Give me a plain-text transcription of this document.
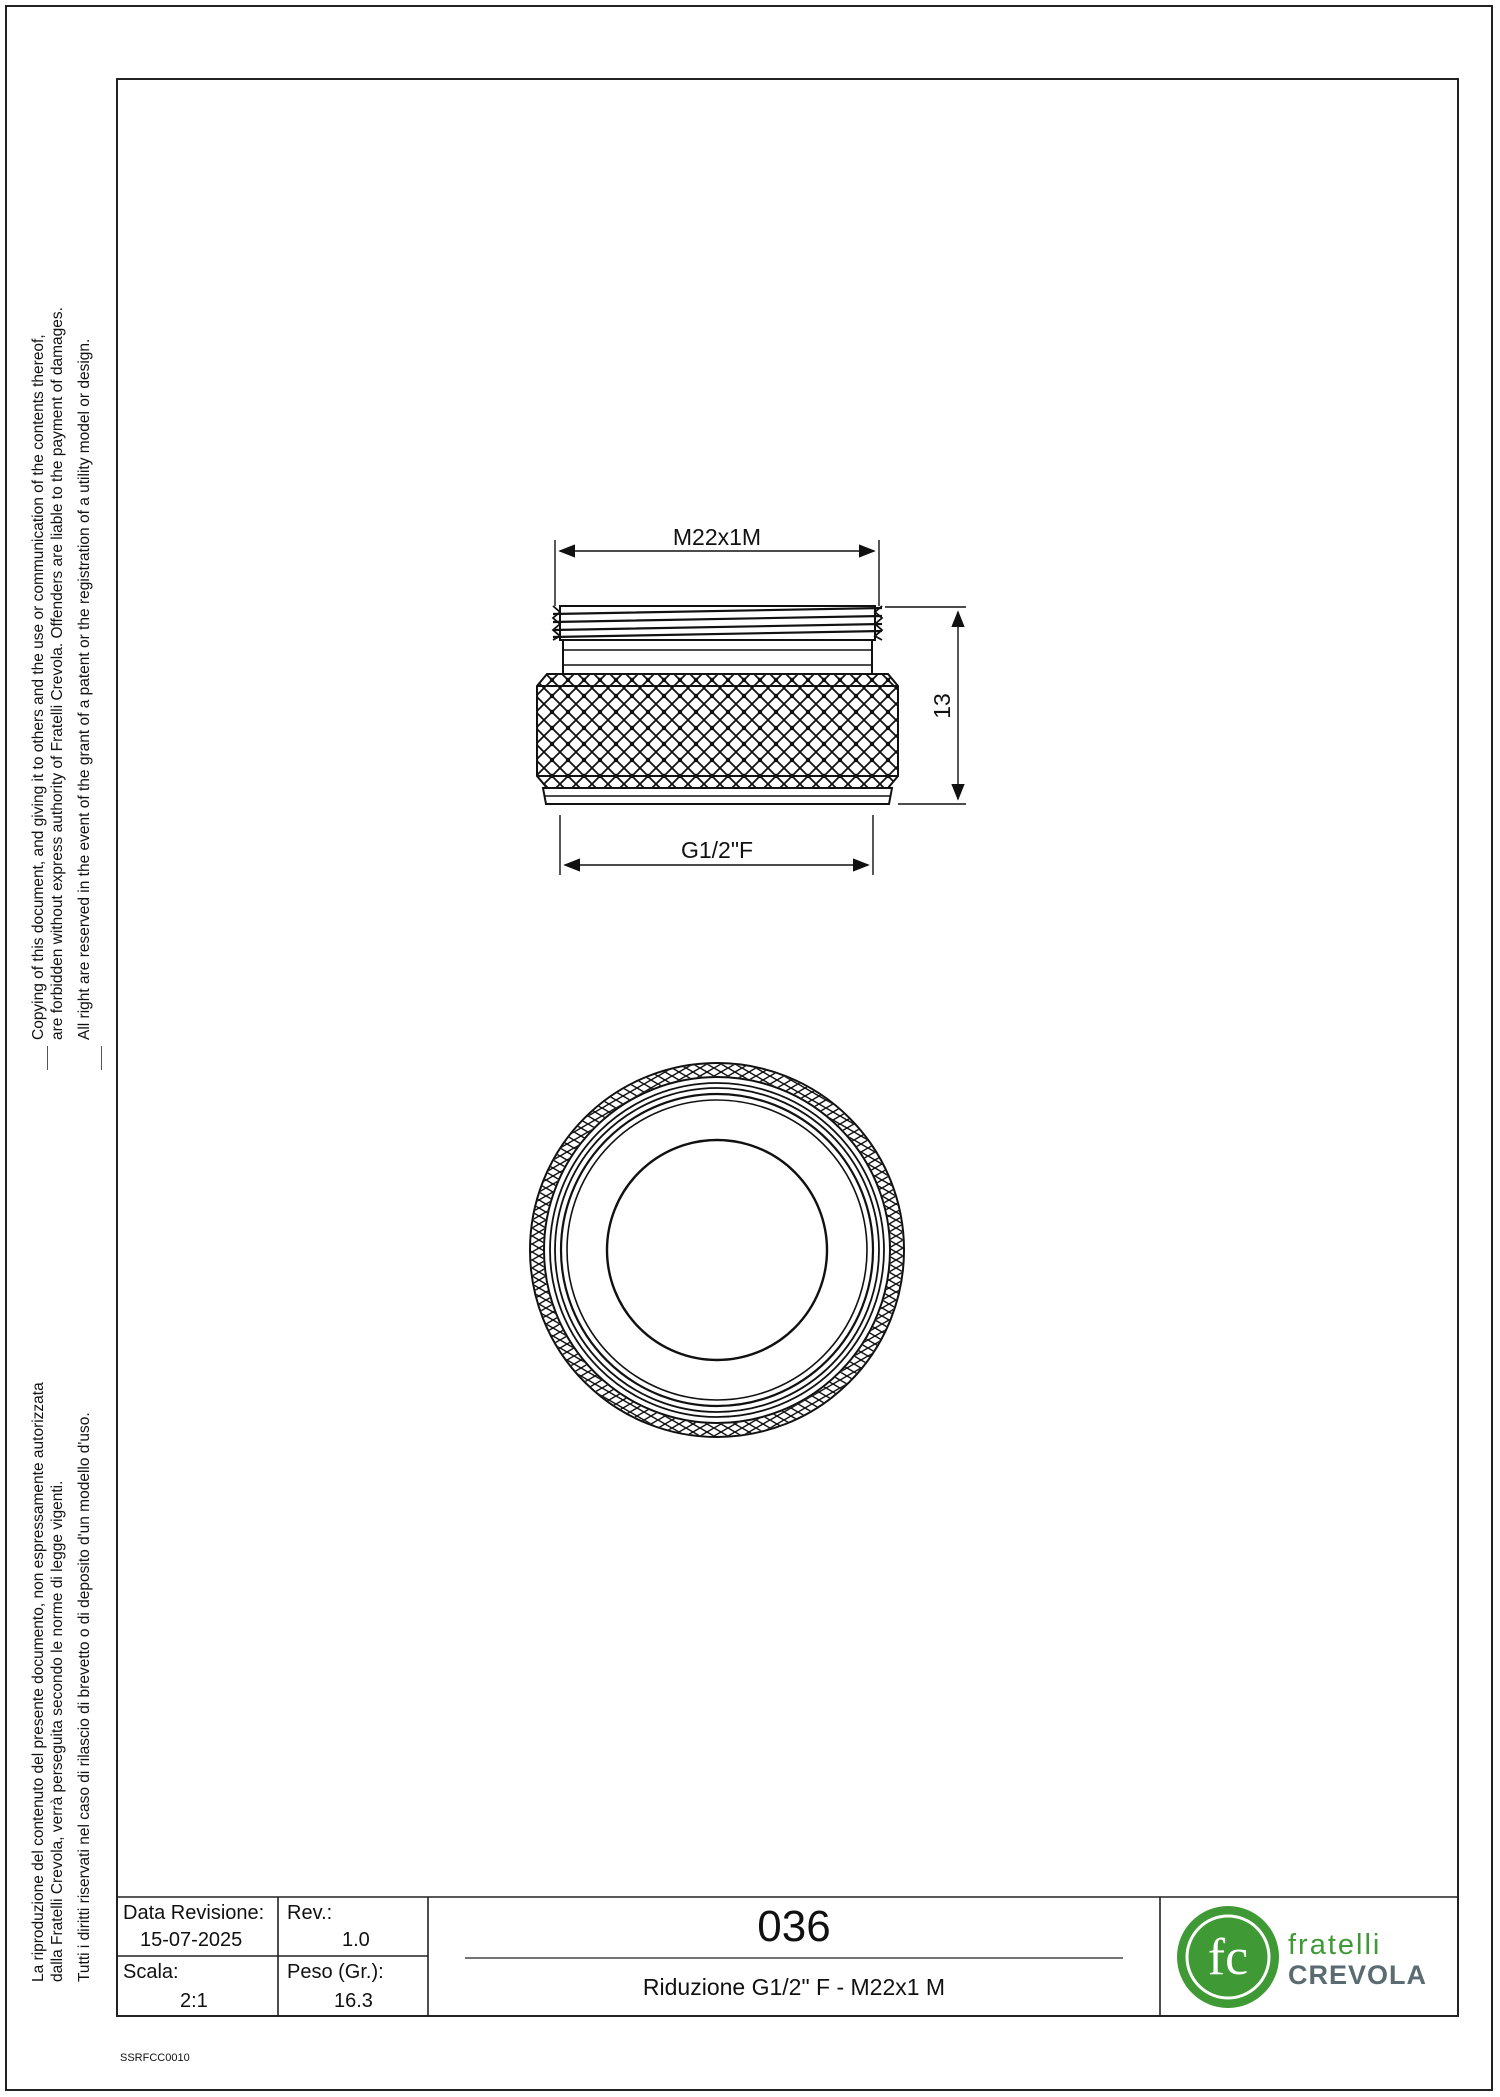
Copying of this document, and giving it to others and the use or communication of the contents thereof, are forbidden without express authority of Fratelli Crevola. Offenders are liable to the payment of damages. All right are reserved in the event of the grant of a patent or the registration of a utility model or design.
La riproduzione del contenuto del presente documento, non espressamente autorizzata dalla Fratelli Crevola, verrà perseguita secondo le norme di legge vigenti. Tutti i diritti riservati nel caso di rilascio di brevetto o di deposito d'un modello d'uso.
M22x1M
13
G1/2"F
Data Revisione:
15-07-2025
Rev.:
1.0
Scala:
2:1
Peso (Gr.):
16.3
036
Riduzione G1/2" F - M22x1 M
fc fratelli
CREVOLA
SSRFCC0010
